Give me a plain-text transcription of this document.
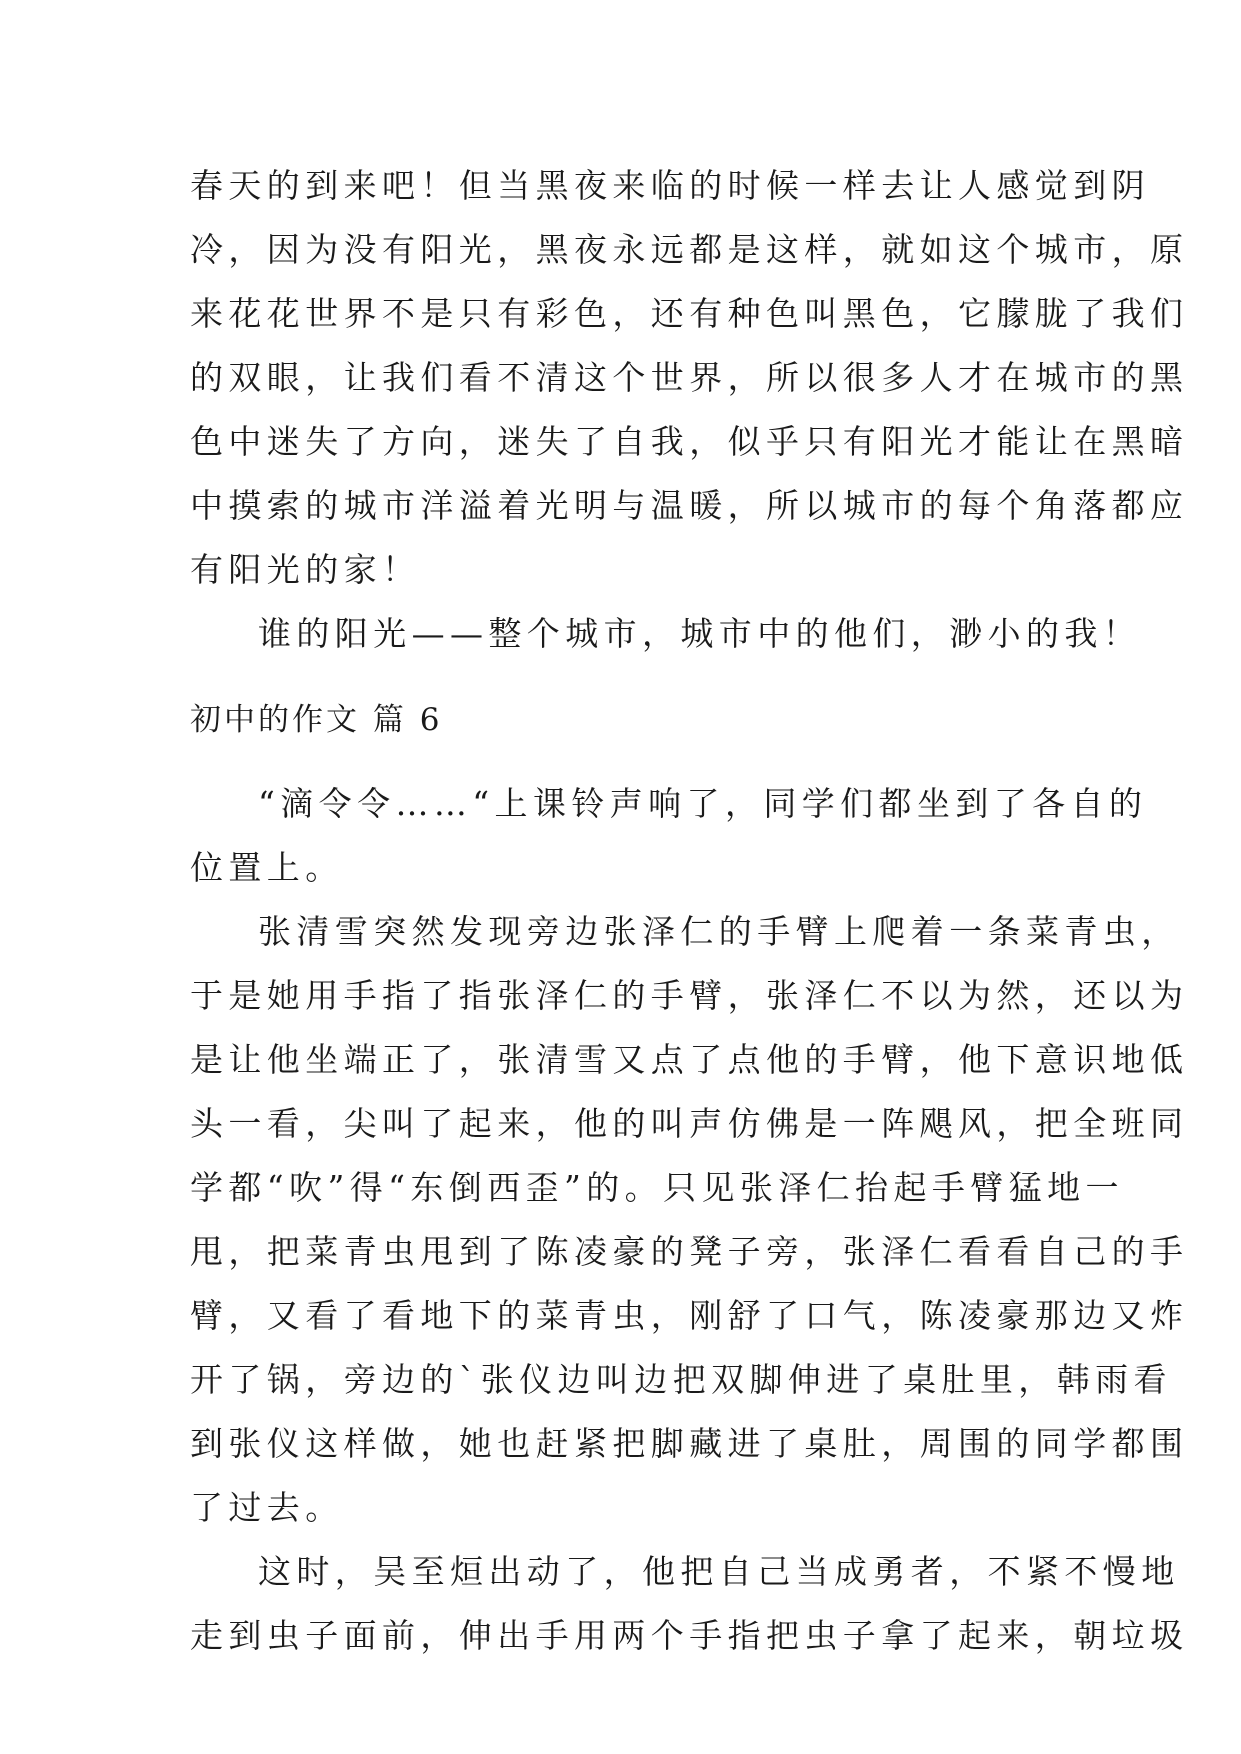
春天的到来吧！但当黑夜来临的时候一样去让人感觉到阴

冷，因为没有阳光，黑夜永远都是这样，就如这个城市，原

来花花世界不是只有彩色，还有种色叫黑色，它朦胧了我们

的双眼，让我们看不清这个世界，所以很多人才在城市的黑

色中迷失了方向，迷失了自我，似乎只有阳光才能让在黑暗

中摸索的城市洋溢着光明与温暖，所以城市的每个角落都应

有阳光的家！

谁的阳光——整个城市，城市中的他们，渺小的我！

初中的作文 篇 6

“滴令令……“上课铃声响了，同学们都坐到了各自的

位置上。

张清雪突然发现旁边张泽仁的手臂上爬着一条菜青虫，

于是她用手指了指张泽仁的手臂，张泽仁不以为然，还以为

是让他坐端正了，张清雪又点了点他的手臂，他下意识地低

头一看，尖叫了起来，他的叫声仿佛是一阵飓风，把全班同

学都“吹”得“东倒西歪”的。只见张泽仁抬起手臂猛地一

甩，把菜青虫甩到了陈凌豪的凳子旁，张泽仁看看自己的手

臂，又看了看地下的菜青虫，刚舒了口气，陈凌豪那边又炸

开了锅，旁边的`张仪边叫边把双脚伸进了桌肚里，韩雨看

到张仪这样做，她也赶紧把脚藏进了桌肚，周围的同学都围

了过去。

这时，吴至烜出动了，他把自己当成勇者，不紧不慢地

走到虫子面前，伸出手用两个手指把虫子拿了起来，朝垃圾
